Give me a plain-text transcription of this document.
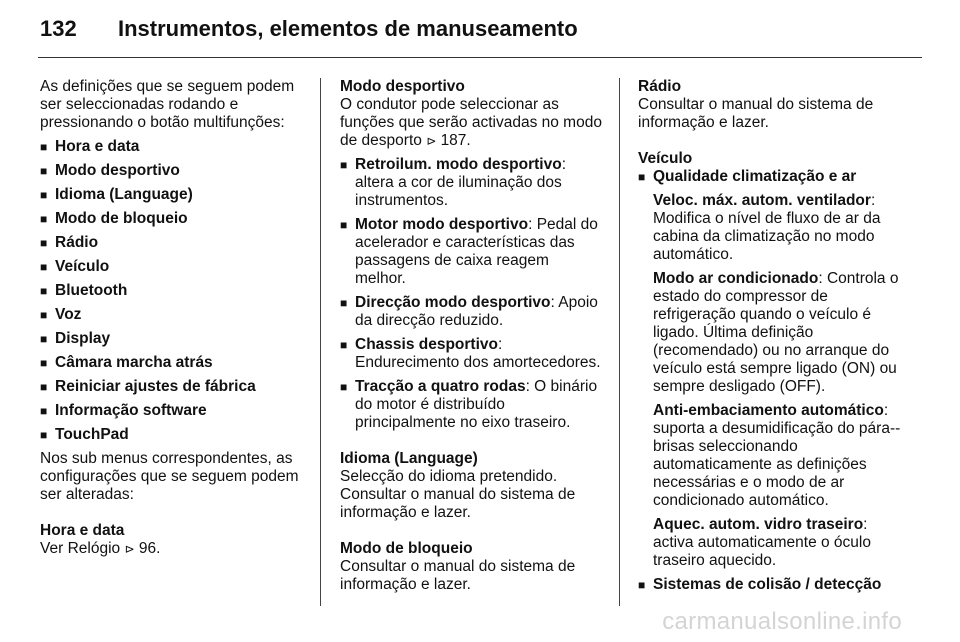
132 Instrumentos, elementos de manuseamento

As definições que se seguem podem ser seleccionadas rodando e pressionando o botão multifunções:

■ Hora e data
■ Modo desportivo
■ Idioma (Language)
■ Modo de bloqueio
■ Rádio
■ Veículo
■ Bluetooth
■ Voz
■ Display
■ Câmara marcha atrás
■ Reiniciar ajustes de fábrica
■ Informação software
■ TouchPad

Nos sub menus correspondentes, as configurações que se seguem podem ser alteradas:

Hora e data

Ver Relógio ⊳ 96.

Modo desportivo

O condutor pode seleccionar as funções que serão activadas no modo de desporto ⊳ 187.

■ Retroilum. modo desportivo: altera a cor de iluminação dos instrumentos.
■ Motor modo desportivo: Pedal do acelerador e características das passagens de caixa reagem melhor.
■ Direcção modo desportivo: Apoio da direcção reduzido.
■ Chassis desportivo: Endurecimento dos amortecedores.
■ Tracção a quatro rodas: O binário do motor é distribuído principalmente no eixo traseiro.

Idioma (Language)

Selecção do idioma pretendido. Consultar o manual do sistema de informação e lazer.

Modo de bloqueio

Consultar o manual do sistema de informação e lazer.

Rádio

Consultar o manual do sistema de informação e lazer.

Veículo

■ Qualidade climatização e ar

Veloc. máx. autom. ventilador: Modifica o nível de fluxo de ar da cabina da climatização no modo automático.

Modo ar condicionado: Controla o estado do compressor de refrigeração quando o veículo é ligado. Última definição (recomendado) ou no arranque do veículo está sempre ligado (ON) ou sempre desligado (OFF).

Anti-embaciamento automático: suporta a desumidificação do pára--brisas seleccionando automaticamente as definições necessárias e o modo de ar condicionado automático.

Aquec. autom. vidro traseiro: activa automaticamente o óculo traseiro aquecido.

■ Sistemas de colisão / detecção
carmanualsonline.info
